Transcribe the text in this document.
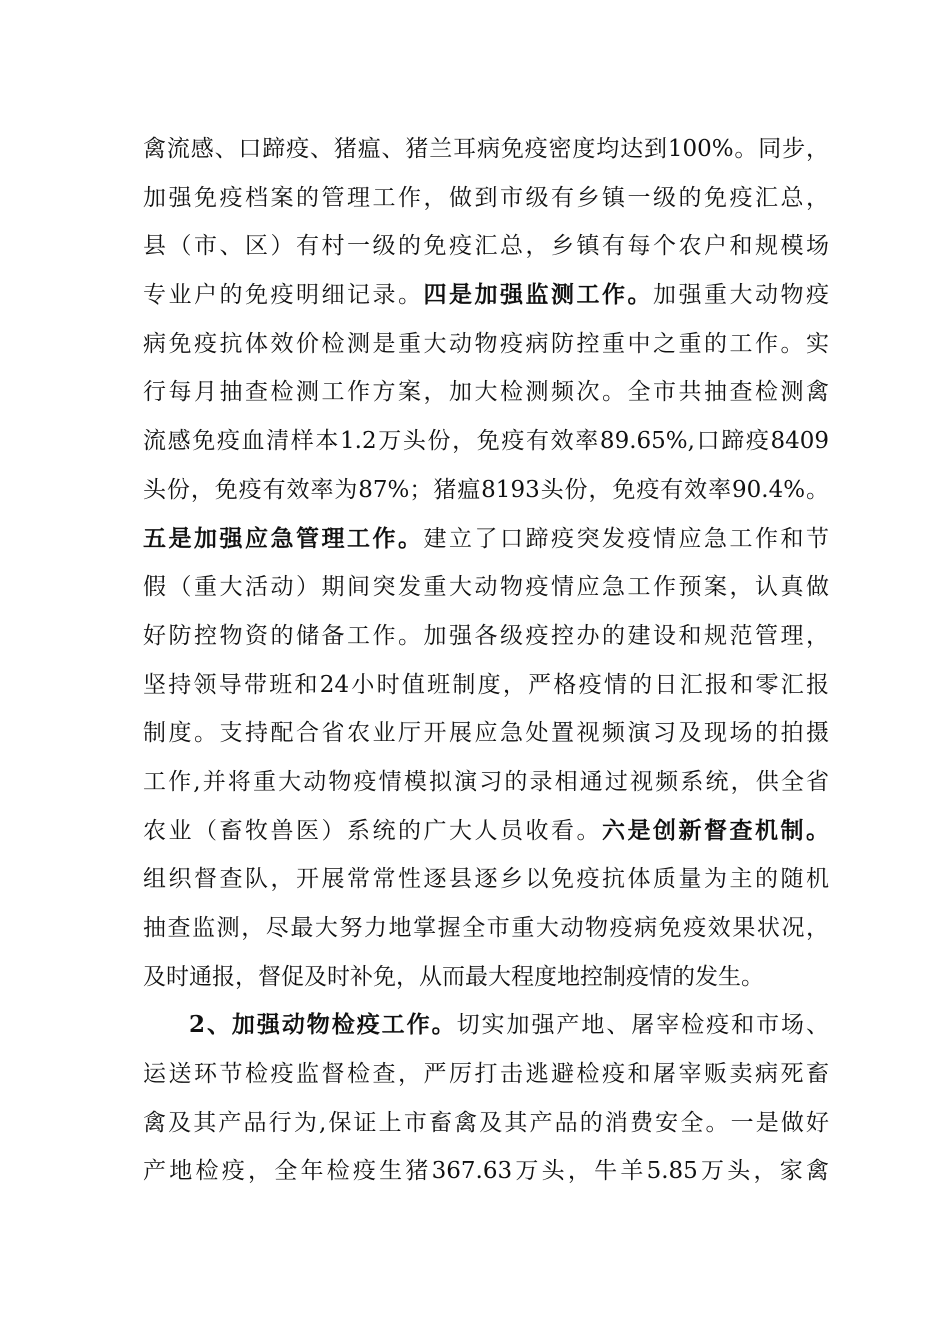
禽流感、口蹄疫、猪瘟、猪兰耳病免疫密度均达到100%。同步，
加强免疫档案的管理工作，做到市级有乡镇一级的免疫汇总，
县（市、区）有村一级的免疫汇总，乡镇有每个农户和规模场
专业户的免疫明细记录。四是加强监测工作。加强重大动物疫
病免疫抗体效价检测是重大动物疫病防控重中之重的工作。实
行每月抽查检测工作方案，加大检测频次。全市共抽查检测禽
流感免疫血清样本1.2万头份，免疫有效率89.65%,口蹄疫8409
头份，免疫有效率为87%；猪瘟8193头份，免疫有效率90.4%。
五是加强应急管理工作。建立了口蹄疫突发疫情应急工作和节
假（重大活动）期间突发重大动物疫情应急工作预案，认真做
好防控物资的储备工作。加强各级疫控办的建设和规范管理，
坚持领导带班和24小时值班制度，严格疫情的日汇报和零汇报
制度。支持配合省农业厅开展应急处置视频演习及现场的拍摄
工作,并将重大动物疫情模拟演习的录相通过视频系统，供全省
农业（畜牧兽医）系统的广大人员收看。六是创新督查机制。
组织督查队，开展常常性逐县逐乡以免疫抗体质量为主的随机
抽查监测，尽最大努力地掌握全市重大动物疫病免疫效果状况，
及时通报，督促及时补免，从而最大程度地控制疫情的发生。
2、加强动物检疫工作。切实加强产地、屠宰检疫和市场、
运送环节检疫监督检查，严厉打击逃避检疫和屠宰贩卖病死畜
禽及其产品行为,保证上市畜禽及其产品的消费安全。一是做好
产地检疫，全年检疫生猪367.63万头，牛羊5.85万头，家禽
